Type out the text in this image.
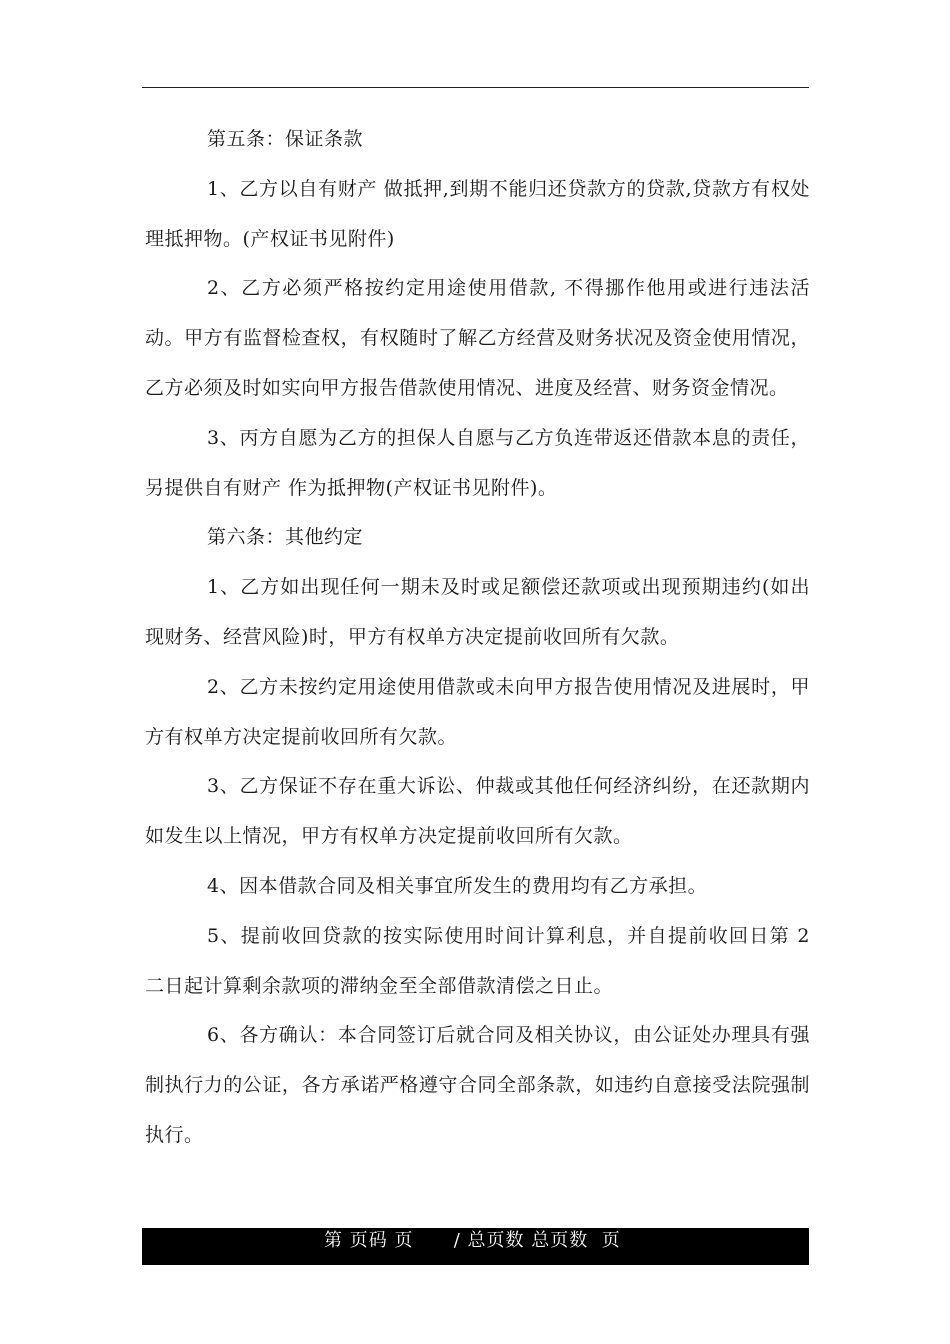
第五条：保证条款

1、乙方以自有财产 做抵押,到期不能归还贷款方的贷款,贷款方有权处理抵押物。(产权证书见附件)

2、乙方必须严格按约定用途使用借款, 不得挪作他用或进行违法活动。甲方有监督检查权，有权随时了解乙方经营及财务状况及资金使用情况，乙方必须及时如实向甲方报告借款使用情况、进度及经营、财务资金情况。

3、丙方自愿为乙方的担保人自愿与乙方负连带返还借款本息的责任，另提供自有财产 作为抵押物(产权证书见附件)。

第六条：其他约定

1、乙方如出现任何一期未及时或足额偿还款项或出现预期违约(如出现财务、经营风险)时，甲方有权单方决定提前收回所有欠款。

2、乙方未按约定用途使用借款或未向甲方报告使用情况及进展时，甲方有权单方决定提前收回所有欠款。

3、乙方保证不存在重大诉讼、仲裁或其他任何经济纠纷，在还款期内如发生以上情况，甲方有权单方决定提前收回所有欠款。

4、因本借款合同及相关事宜所发生的费用均有乙方承担。

5、提前收回贷款的按实际使用时间计算利息，并自提前收回日第 2 二日起计算剩余款项的滞纳金至全部借款清偿之日止。

6、各方确认：本合同签订后就合同及相关协议，由公证处办理具有强制执行力的公证，各方承诺严格遵守合同全部条款，如违约自意接受法院强制执行。

第 页码 页      / 总页数 总页数  页
